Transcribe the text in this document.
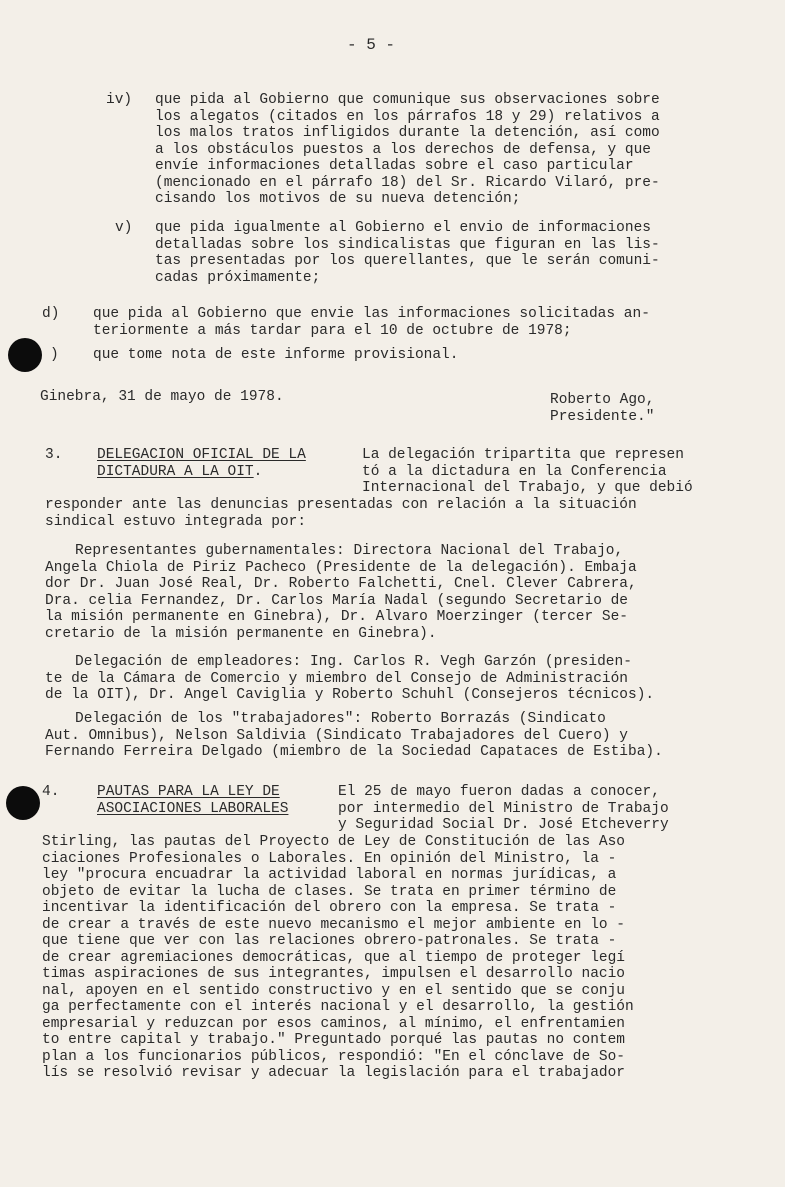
- 5 -
iv) que pida al Gobierno que comunique sus observaciones sobre
los alegatos (citados en los párrafos 18 y 29) relativos a
los malos tratos infligidos durante la detención, así como
a los obstáculos puestos a los derechos de defensa, y que
envíe informaciones detalladas sobre el caso particular
(mencionado en el párrafo 18) del Sr. Ricardo Vilaró, pre-
cisando los motivos de su nueva detención;
v) que pida igualmente al Gobierno el envio de informaciones
detalladas sobre los sindicalistas que figuran en las lis-
tas presentadas por los querellantes, que le serán comuni-
cadas próximamente;
d) que pida al Gobierno que envie las informaciones solicitadas an-
teriormente a más tardar para el 10 de octubre de 1978;
) que tome nota de este informe provisional.
Ginebra, 31 de mayo de 1978.	Roberto Ago,
Presidente."
3. DELEGACION OFICIAL DE LA
DICTADURA A LA OIT.
La delegación tripartita que represen
tó a la dictadura en la Conferencia
Internacional del Trabajo, y que debió
responder ante las denuncias presentadas con relación a la situación
sindical estuvo integrada por:
Representantes gubernamentales: Directora Nacional del Trabajo,
Angela Chiola de Piriz Pacheco (Presidente de la delegación). Embaja
dor Dr. Juan José Real, Dr. Roberto Falchetti, Cnel. Clever Cabrera,
Dra. celia Fernandez, Dr. Carlos María Nadal (segundo Secretario de
la misión permanente en Ginebra), Dr. Alvaro Moerzinger (tercer Se-
cretario de la misión permanente en Ginebra).
Delegación de empleadores: Ing. Carlos R. Vegh Garzón (presiden-
te de la Cámara de Comercio y miembro del Consejo de Administración
de la OIT), Dr. Angel Caviglia y Roberto Schuhl (Consejeros técnicos).
Delegación de los "trabajadores": Roberto Borrazás (Sindicato
Aut. Omnibus), Nelson Saldivia (Sindicato Trabajadores del Cuero) y
Fernando Ferreira Delgado (miembro de la Sociedad Capataces de Estiba).
4.	PAUTAS PARA LA LEY DE
ASOCIACIONES LABORALES
El 25 de mayo fueron dadas a conocer,
por intermedio del Ministro de Trabajo
y Seguridad Social Dr. José Etcheverry
Stirling, las pautas del Proyecto de Ley de Constitución de las Aso
ciaciones Profesionales o Laborales. En opinión del Ministro, la -
ley "procura encuadrar la actividad laboral en normas jurídicas, a
objeto de evitar la lucha de clases. Se trata en primer término de
incentivar la identificación del obrero con la empresa. Se trata -
de crear a través de este nuevo mecanismo el mejor ambiente en lo -
que tiene que ver con las relaciones obrero-patronales. Se trata -
de crear agremiaciones democráticas, que al tiempo de proteger legí
timas aspiraciones de sus integrantes, impulsen el desarrollo nacio
nal, apoyen en el sentido constructivo y en el sentido que se conju
ga perfectamente con el interés nacional y el desarrollo, la gestión
empresarial y reduzcan por esos caminos, al mínimo, el enfrentamien
to entre capital y trabajo." Preguntado porqué las pautas no contem
plan a los funcionarios públicos, respondió: "En el cónclave de So-
lís se resolvió revisar y adecuar la legislación para el trabajador
